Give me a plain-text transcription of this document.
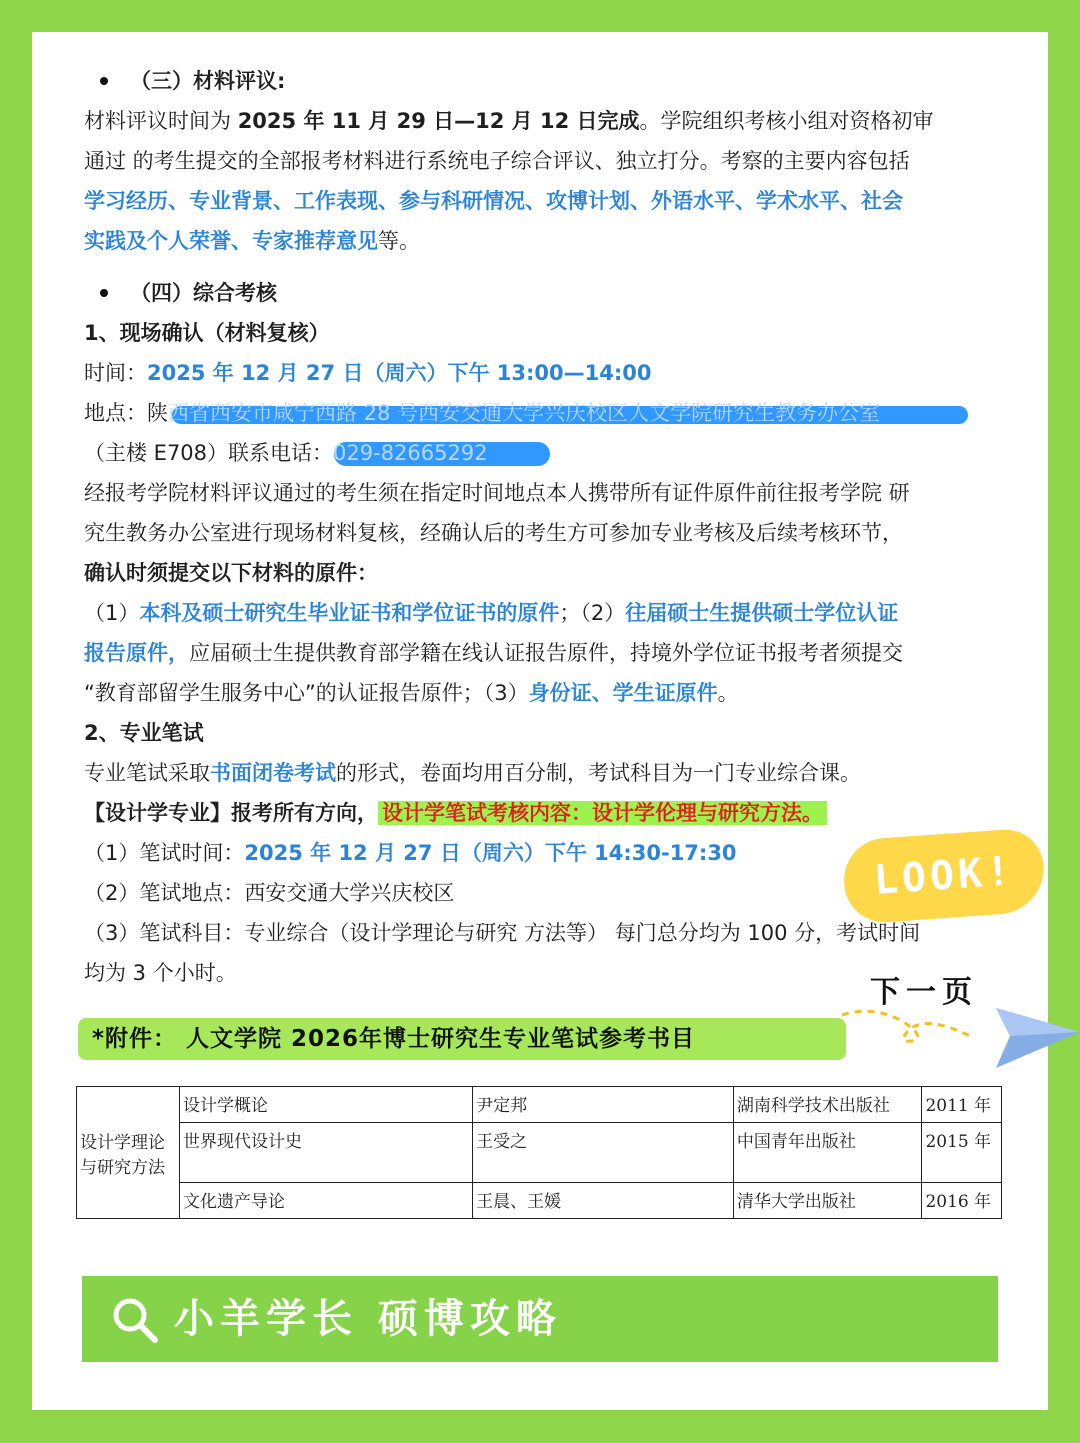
（三）材料评议:
材料评议时间为 2025 年 11 月 29 日—12 月 12 日完成。学院组织考核小组对资格初审
通过 的考生提交的全部报考材料进行系统电子综合评议、独立打分。考察的主要内容包括
学习经历、专业背景、工作表现、参与科研情况、攻博计划、外语水平、学术水平、社会
实践及个人荣誉、专家推荐意见等。
（四）综合考核
1、现场确认（材料复核）
时间：2025 年 12 月 27 日（周六）下午 13:00—14:00
地点：陕西省西安市咸宁西路 28 号西安交通大学兴庆校区人文学院研究生教务办公室
（主楼 E708）联系电话：029-82665292
经报考学院材料评议通过的考生须在指定时间地点本人携带所有证件原件前往报考学院 研
究生教务办公室进行现场材料复核，经确认后的考生方可参加专业考核及后续考核环节，
确认时须提交以下材料的原件：
（1）本科及硕士研究生毕业证书和学位证书的原件；（2）往届硕士生提供硕士学位认证
报告原件，应届硕士生提供教育部学籍在线认证报告原件，持境外学位证书报考者须提交
“教育部留学生服务中心”的认证报告原件；（3）身份证、学生证原件。
2、专业笔试
专业笔试采取书面闭卷考试的形式，卷面均用百分制，考试科目为一门专业综合课。
【设计学专业】报考所有方向， 设计学笔试考核内容：设计学伦理与研究方法。
（1）笔试时间：2025 年 12 月 27 日（周六）下午 14:30-17:30
（2）笔试地点：西安交通大学兴庆校区
（3）笔试科目：专业综合（设计学理论与研究 方法等） 每门总分均为 100 分，考试时间
均为 3 个小时。
LOOK!
下一页
*附件： 人文学院 2026年博士研究生专业笔试参考书目
设计学理论与研究方法	设计学概论	尹定邦	湖南科学技术出版社	2011 年
	世界现代设计史	王受之	中国青年出版社	2015 年
	文化遗产导论	王晨、王媛	清华大学出版社	2016 年
小羊学长 硕博攻略
